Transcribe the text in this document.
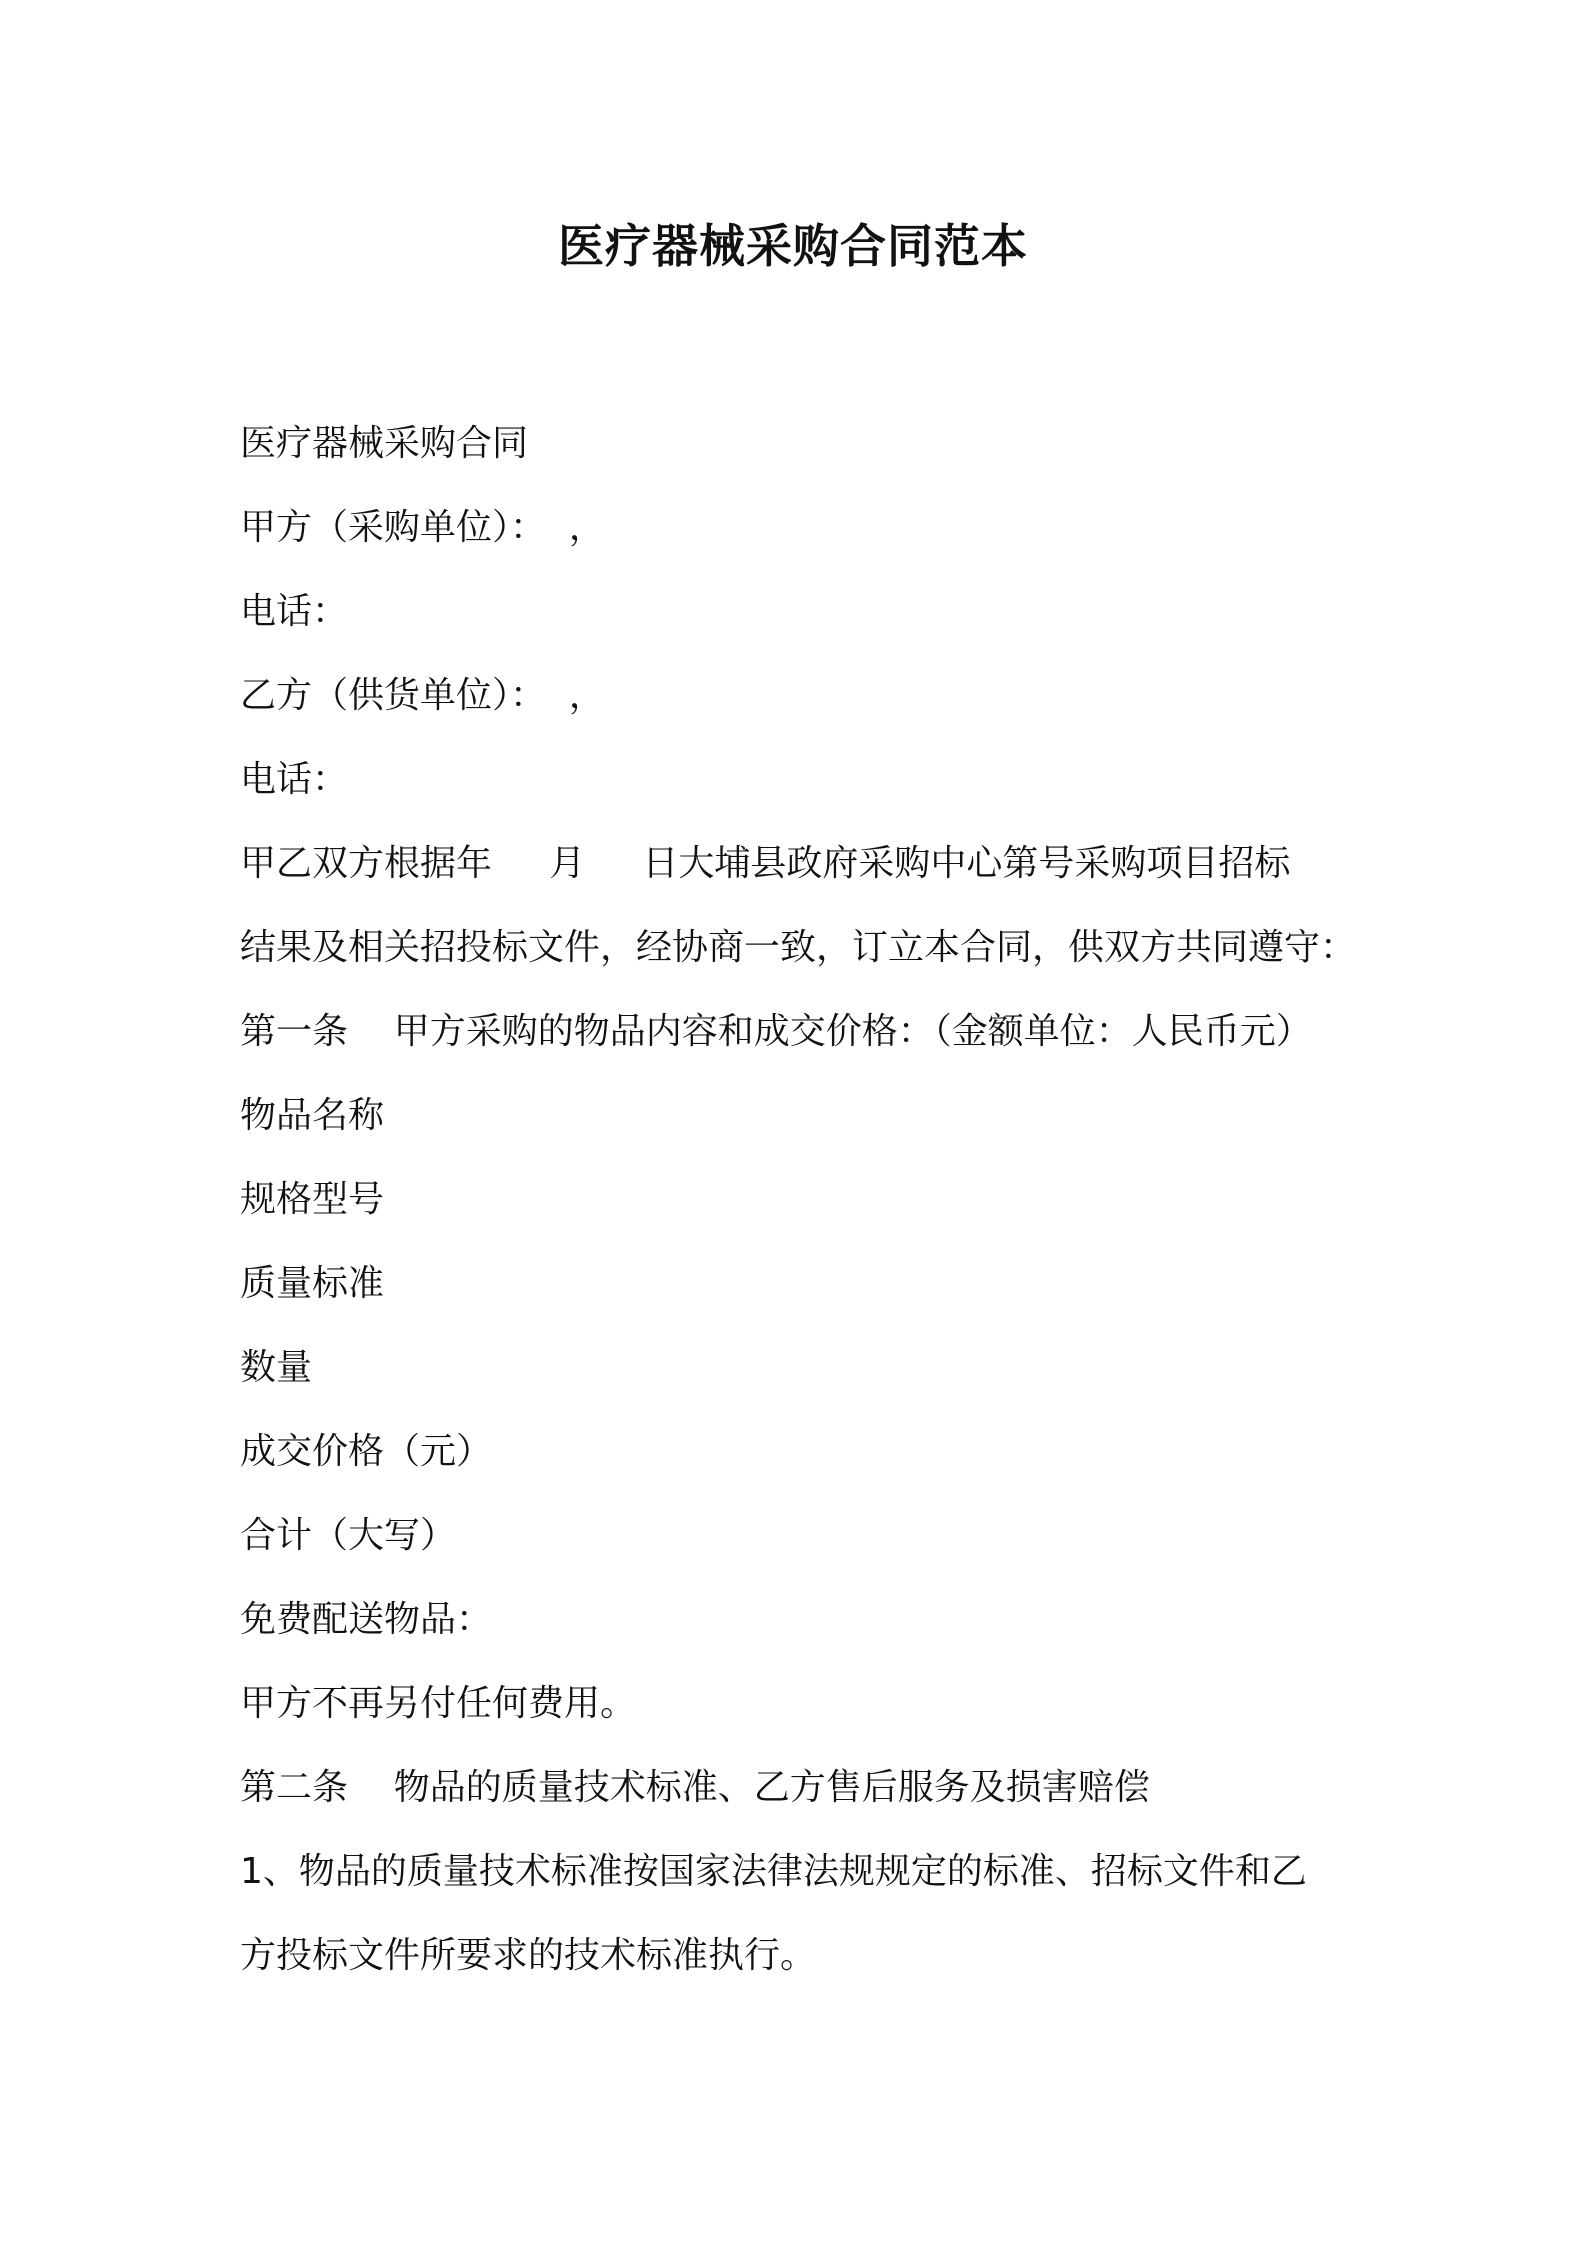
医疗器械采购合同范本

医疗器械采购合同

甲方（采购单位）：  ，

电话：

乙方（供货单位）：  ，

电话：

甲乙双方根据年     月     日大埔县政府采购中心第号采购项目招标

结果及相关招投标文件，经协商一致，订立本合同，供双方共同遵守：

第一条    甲方采购的物品内容和成交价格：（金额单位：人民币元）

物品名称

规格型号

质量标准

数量

成交价格（元）

合计（大写）

免费配送物品：

甲方不再另付任何费用。

第二条    物品的质量技术标准、乙方售后服务及损害赔偿

1、物品的质量技术标准按国家法律法规规定的标准、招标文件和乙

方投标文件所要求的技术标准执行。
